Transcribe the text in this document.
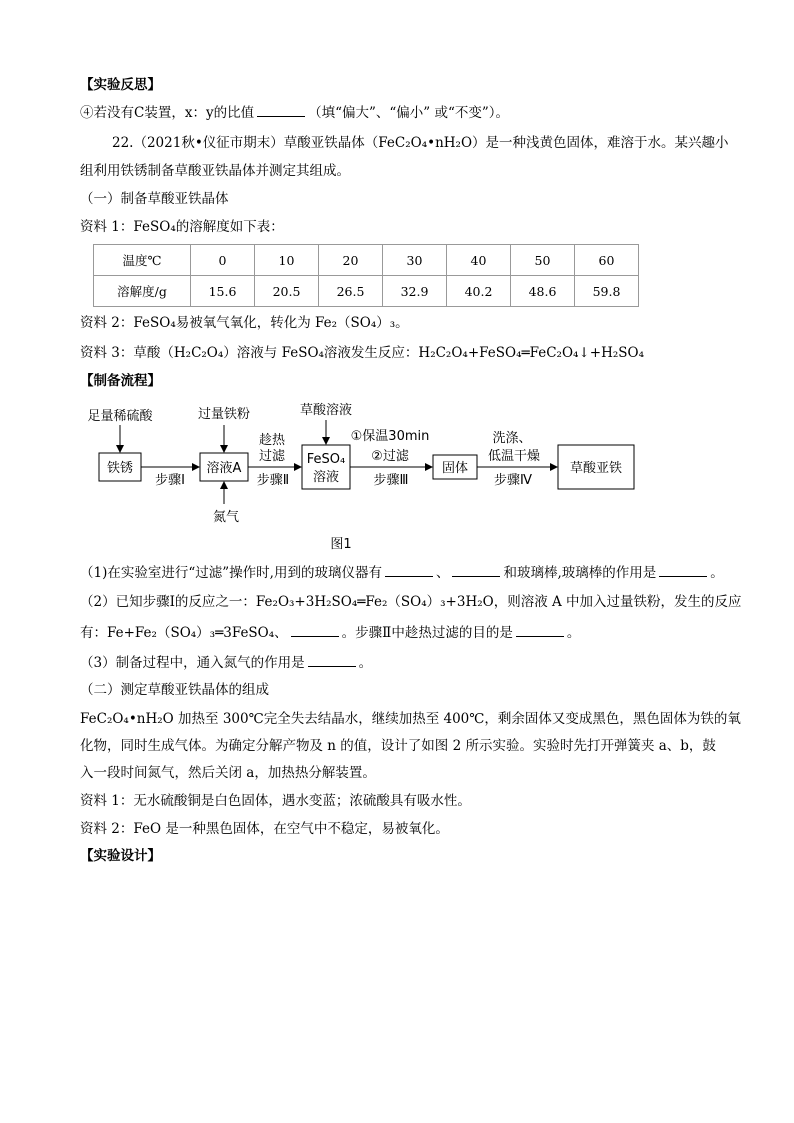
【实验反思】
④若没有C装置，x：y的比值	（填“偏大”、“偏小” 或“不变”）。
22.（2021秋•仪征市期末）草酸亚铁晶体（FeC₂O₄•nH₂O）是一种浅黄色固体，难溶于水。某兴趣小
组利用铁锈制备草酸亚铁晶体并测定其组成。
（一）制备草酸亚铁晶体
资料 1：FeSO₄的溶解度如下表：
温度℃	0	10	20	30	40	50	60
溶解度/g	15.6	20.5	26.5	32.9	40.2	48.6	59.8
资料 2：FeSO₄易被氧气氧化，转化为 Fe₂（SO₄）₃。
资料 3：草酸（H₂C₂O₄）溶液与 FeSO₄溶液发生反应：H₂C₂O₄+FeSO₄═FeC₂O₄↓+H₂SO₄
【制备流程】
足量稀硫酸	过量铁粉	草酸溶液
铁锈	溶液A
FeSO₄
溶液
固体	草酸亚铁
步骤Ⅰ
趁热
过滤
步骤Ⅱ
①保温30min
②过滤
步骤Ⅲ
洗涤、
低温干燥
步骤Ⅳ
氮气
图1
（1)在实验室进行“过滤”操作时,用到的玻璃仪器有	、	和玻璃棒,玻璃棒的作用是	。
（2）已知步骤Ⅰ的反应之一：Fe₂O₃+3H₂SO₄═Fe₂（SO₄）₃+3H₂O，则溶液 A 中加入过量铁粉，发生的反应
有：Fe+Fe₂（SO₄）₃═3FeSO₄、	。步骤Ⅱ中趁热过滤的目的是	。
（3）制备过程中，通入氮气的作用是	。
（二）测定草酸亚铁晶体的组成
FeC₂O₄•nH₂O 加热至 300℃完全失去结晶水，继续加热至 400℃，剩余固体又变成黑色，黑色固体为铁的氧
化物，同时生成气体。为确定分解产物及 n 的值，设计了如图 2 所示实验。实验时先打开弹簧夹 a、b，鼓
入一段时间氮气，然后关闭 a，加热热分解装置。
资料 1：无水硫酸铜是白色固体，遇水变蓝；浓硫酸具有吸水性。
资料 2：FeO 是一种黑色固体，在空气中不稳定，易被氧化。
【实验设计】
